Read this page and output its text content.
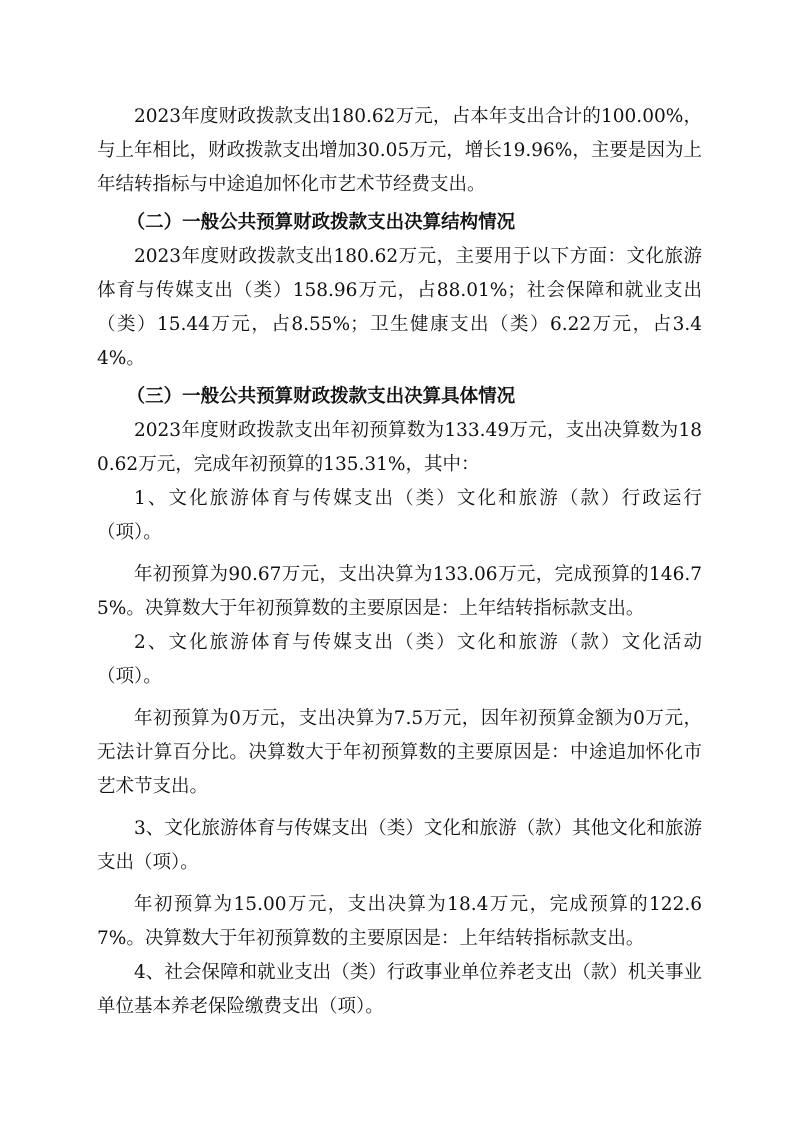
2023年度财政拨款支出180.62万元，占本年支出合计的100.00%，与上年相比，财政拨款支出增加30.05万元，增长19.96%，主要是因为上年结转指标与中途追加怀化市艺术节经费支出。

（二）一般公共预算财政拨款支出决算结构情况

2023年度财政拨款支出180.62万元，主要用于以下方面：文化旅游体育与传媒支出（类）158.96万元，占88.01%；社会保障和就业支出（类）15.44万元，占8.55%；卫生健康支出（类）6.22万元，占3.44%。

（三）一般公共预算财政拨款支出决算具体情况

2023年度财政拨款支出年初预算数为133.49万元，支出决算数为180.62万元，完成年初预算的135.31%，其中：

1、文化旅游体育与传媒支出（类）文化和旅游（款）行政运行（项）。

年初预算为90.67万元，支出决算为133.06万元，完成预算的146.75%。决算数大于年初预算数的主要原因是：上年结转指标款支出。

2、文化旅游体育与传媒支出（类）文化和旅游（款）文化活动（项）。

年初预算为0万元，支出决算为7.5万元，因年初预算金额为0万元，无法计算百分比。决算数大于年初预算数的主要原因是：中途追加怀化市艺术节支出。

3、文化旅游体育与传媒支出（类）文化和旅游（款）其他文化和旅游支出（项）。

年初预算为15.00万元，支出决算为18.4万元，完成预算的122.67%。决算数大于年初预算数的主要原因是：上年结转指标款支出。

4、社会保障和就业支出（类）行政事业单位养老支出（款）机关事业单位基本养老保险缴费支出（项）。
